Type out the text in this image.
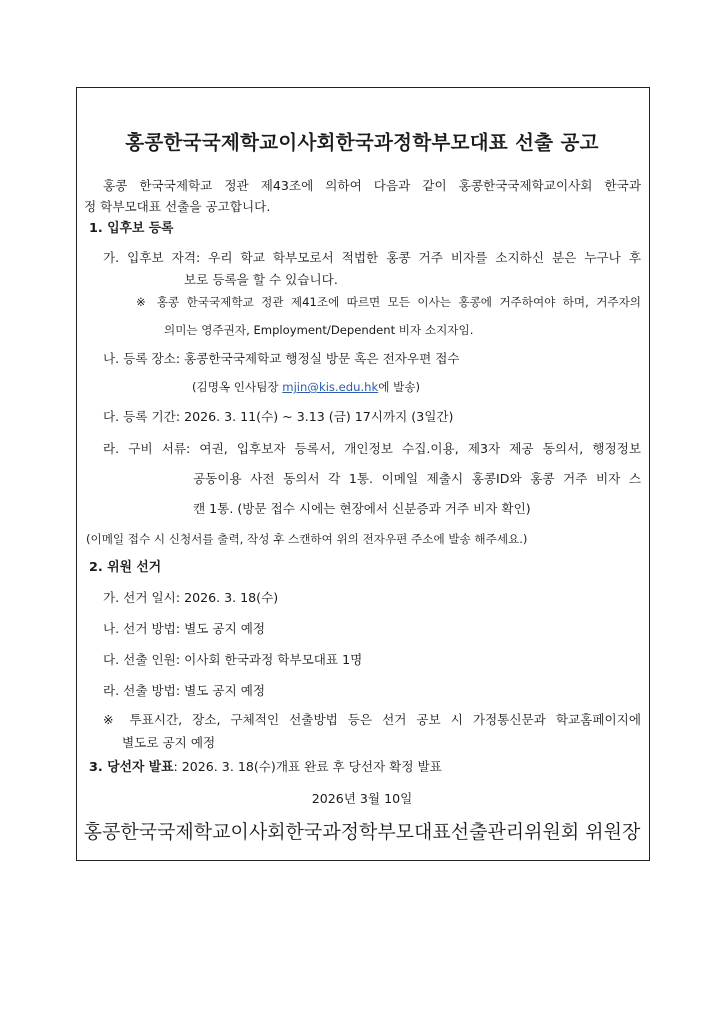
홍콩한국국제학교이사회한국과정학부모대표 선출 공고
홍콩 한국국제학교 정관 제43조에 의하여 다음과 같이 홍콩한국국제학교이사회 한국과
정 학부모대표 선출을 공고합니다.
1. 입후보 등록
가. 입후보 자격: 우리 학교 학부모로서 적법한 홍콩 거주 비자를 소지하신 분은 누구나 후
보로 등록을 할 수 있습니다.
※ 홍콩 한국국제학교 정관 제41조에 따르면 모든 이사는 홍콩에 거주하여야 하며, 거주자의
의미는 영주권자, Employment/Dependent 비자 소지자임.
나. 등록 장소: 홍콩한국국제학교 행정실 방문 혹은 전자우편 접수
(김명옥 인사팀장 mjin@kis.edu.hk에 발송)
다. 등록 기간: 2026. 3. 11(수) ~ 3.13 (금) 17시까지 (3일간)
라. 구비 서류: 여권, 입후보자 등록서, 개인정보 수집.이용, 제3자 제공 동의서, 행정정보
공동이용 사전 동의서 각 1통. 이메일 제출시 홍콩ID와 홍콩 거주 비자 스
캔 1통. (방문 접수 시에는 현장에서 신분증과 거주 비자 확인)
(이메일 접수 시 신청서를 출력, 작성 후 스캔하여 위의 전자우편 주소에 발송 해주세요.)
2. 위원 선거
가. 선거 일시: 2026. 3. 18(수)
나. 선거 방법: 별도 공지 예정
다. 선출 인원: 이사회 한국과정 학부모대표 1명
라. 선출 방법: 별도 공지 예정
※ 투표시간, 장소, 구체적인 선출방법 등은 선거 공보 시 가정통신문과 학교홈페이지에
별도로 공지 예정
3. 당선자 발표: 2026. 3. 18(수)개표 완료 후 당선자 확정 발표
2026년 3월 10일
홍콩한국국제학교이사회한국과정학부모대표선출관리위원회 위원장
